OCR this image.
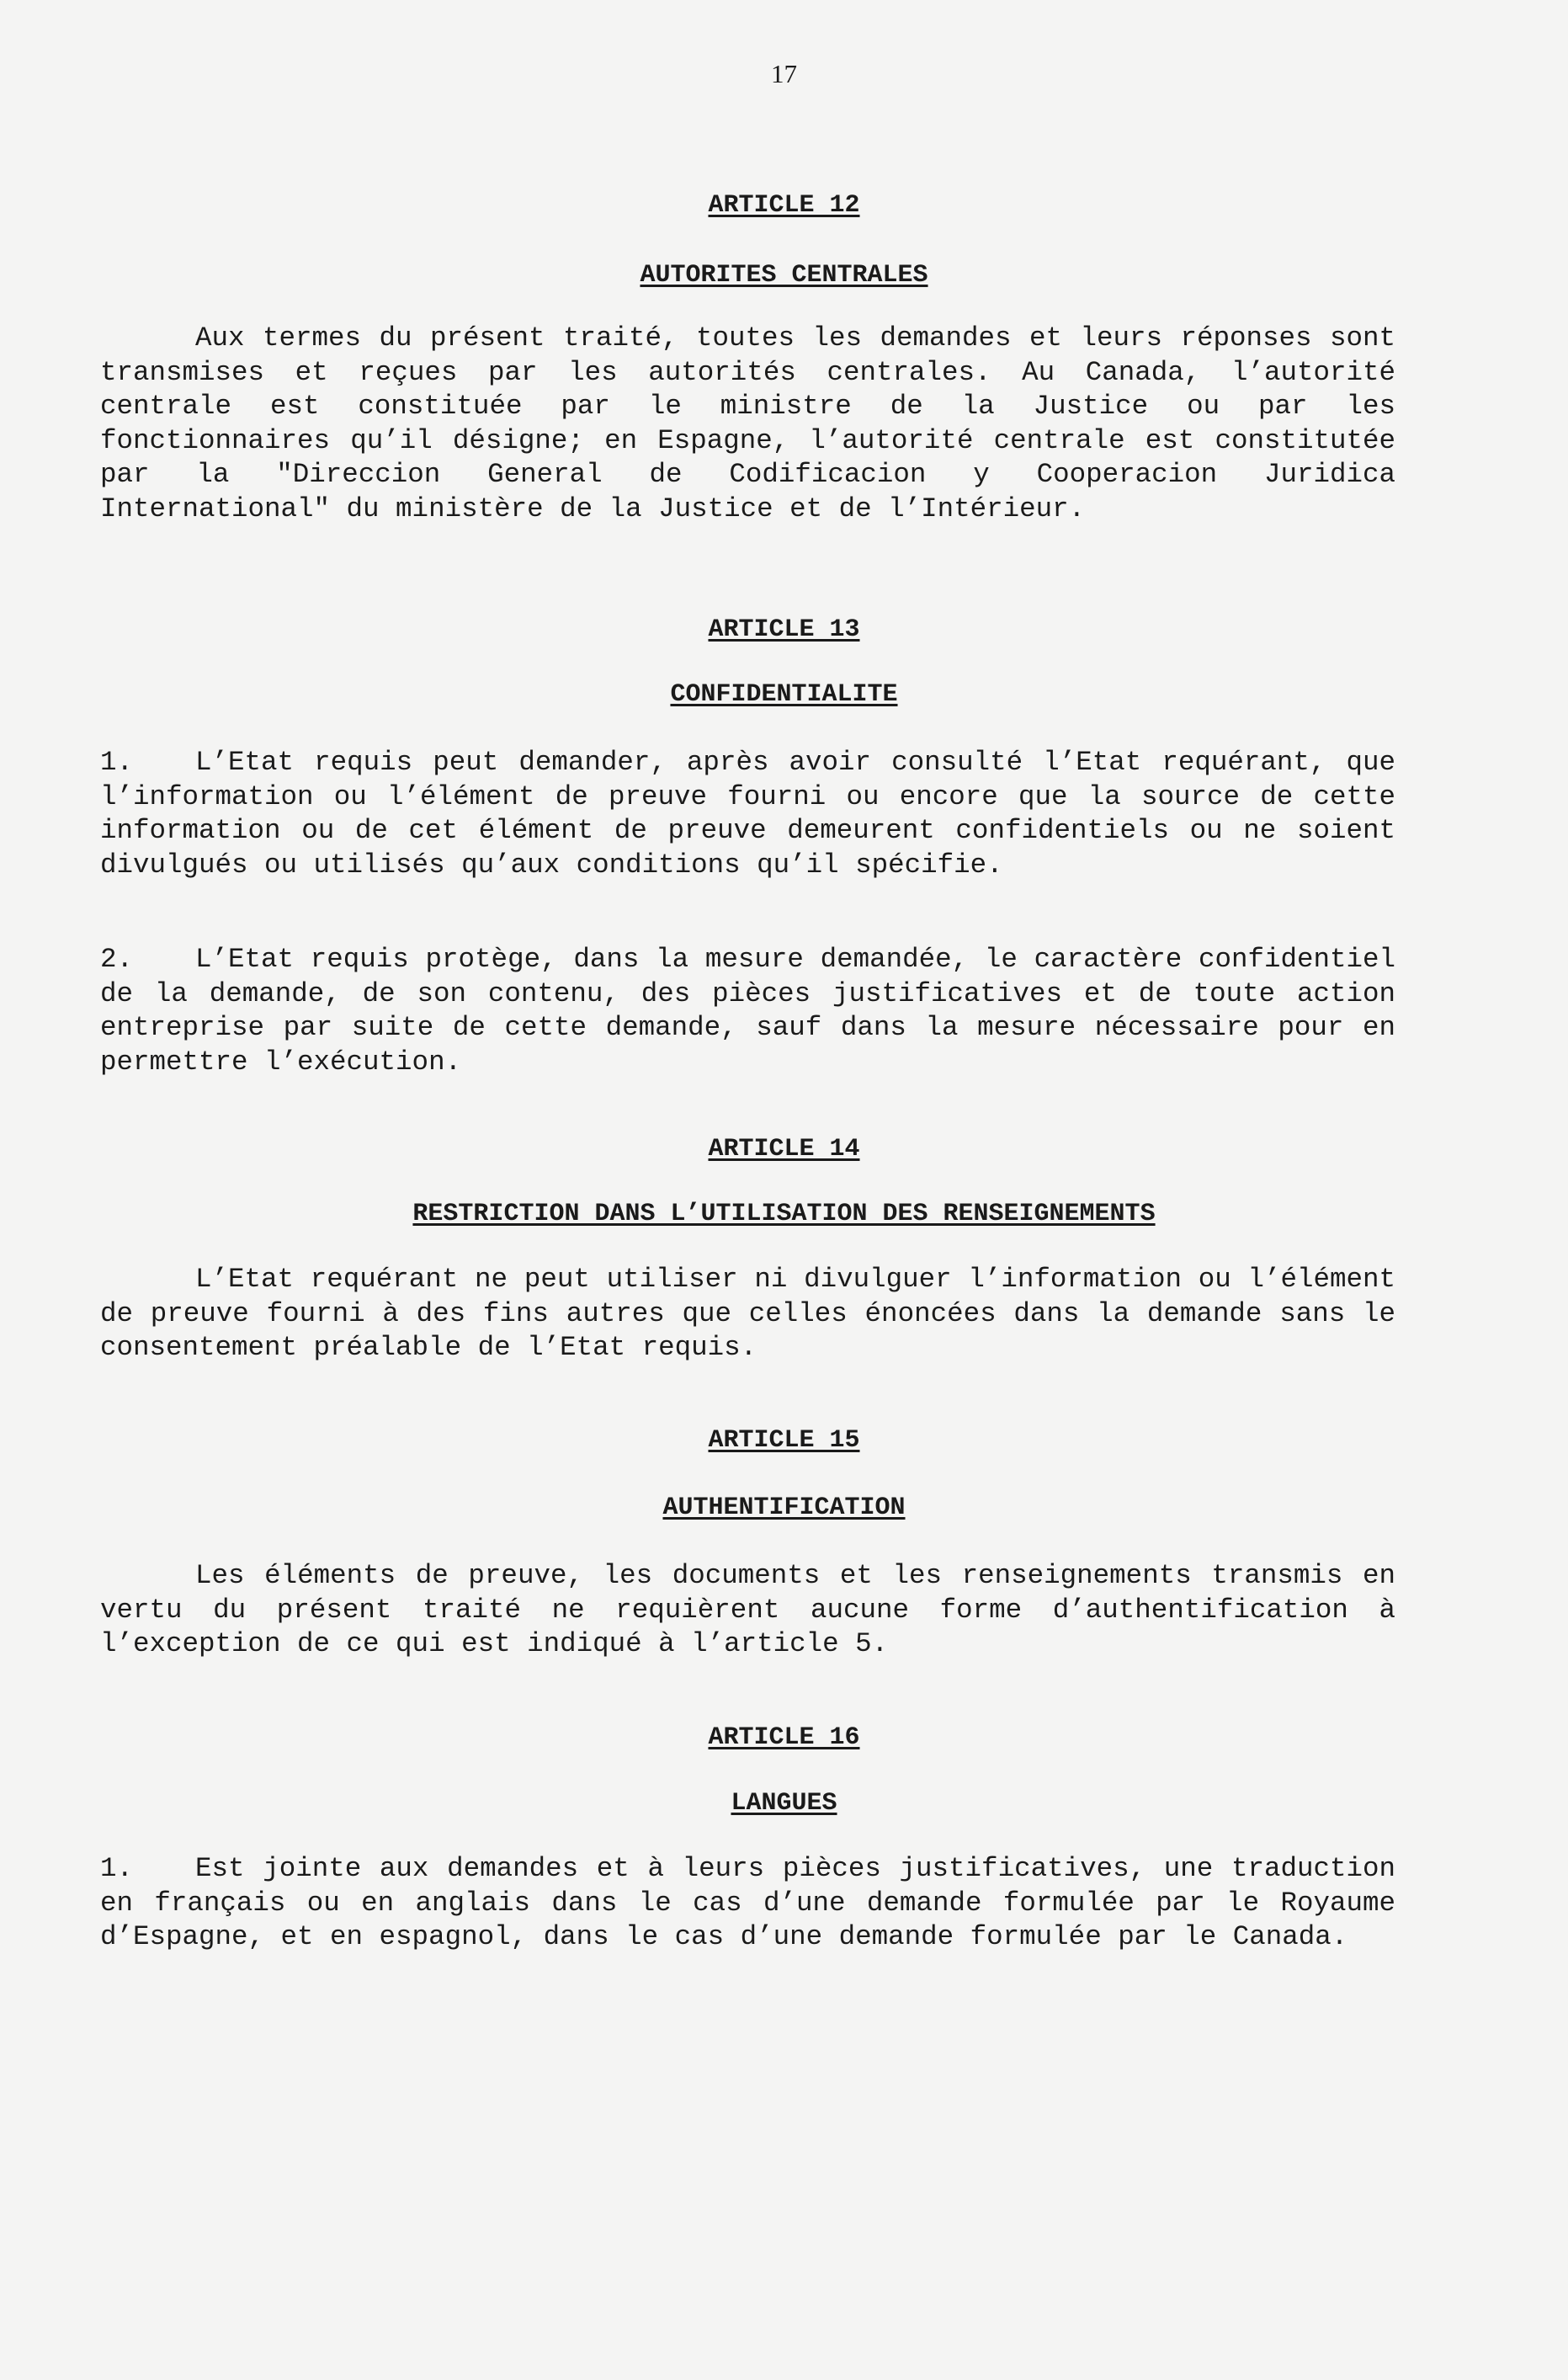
17
ARTICLE 12
AUTORITES CENTRALES
Aux termes du présent traité, toutes les demandes et leurs réponses sont transmises et reçues par les autorités centrales. Au Canada, l’autorité centrale est constituée par le ministre de la Justice ou par les fonctionnaires qu’il désigne; en Espagne, l’autorité centrale est constitutée par la "Direccion General de Codificacion y Cooperacion Juridica International" du ministère de la Justice et de l’Intérieur.
ARTICLE 13
CONFIDENTIALITE
1. L’Etat requis peut demander, après avoir consulté l’Etat requérant, que l’information ou l’élément de preuve fourni ou encore que la source de cette information ou de cet élément de preuve demeurent confidentiels ou ne soient divulgués ou utilisés qu’aux conditions qu’il spécifie.
2. L’Etat requis protège, dans la mesure demandée, le caractère confidentiel de la demande, de son contenu, des pièces justificatives et de toute action entreprise par suite de cette demande, sauf dans la mesure nécessaire pour en permettre l’exécution.
ARTICLE 14
RESTRICTION DANS L’UTILISATION DES RENSEIGNEMENTS
L’Etat requérant ne peut utiliser ni divulguer l’information ou l’élément de preuve fourni à des fins autres que celles énoncées dans la demande sans le consentement préalable de l’Etat requis.
ARTICLE 15
AUTHENTIFICATION
Les éléments de preuve, les documents et les renseignements transmis en vertu du présent traité ne requièrent aucune forme d’authentification à l’exception de ce qui est indiqué à l’article 5.
ARTICLE 16
LANGUES
1. Est jointe aux demandes et à leurs pièces justificatives, une traduction en français ou en anglais dans le cas d’une demande formulée par le Royaume d’Espagne, et en espagnol, dans le cas d’une demande formulée par le Canada.
